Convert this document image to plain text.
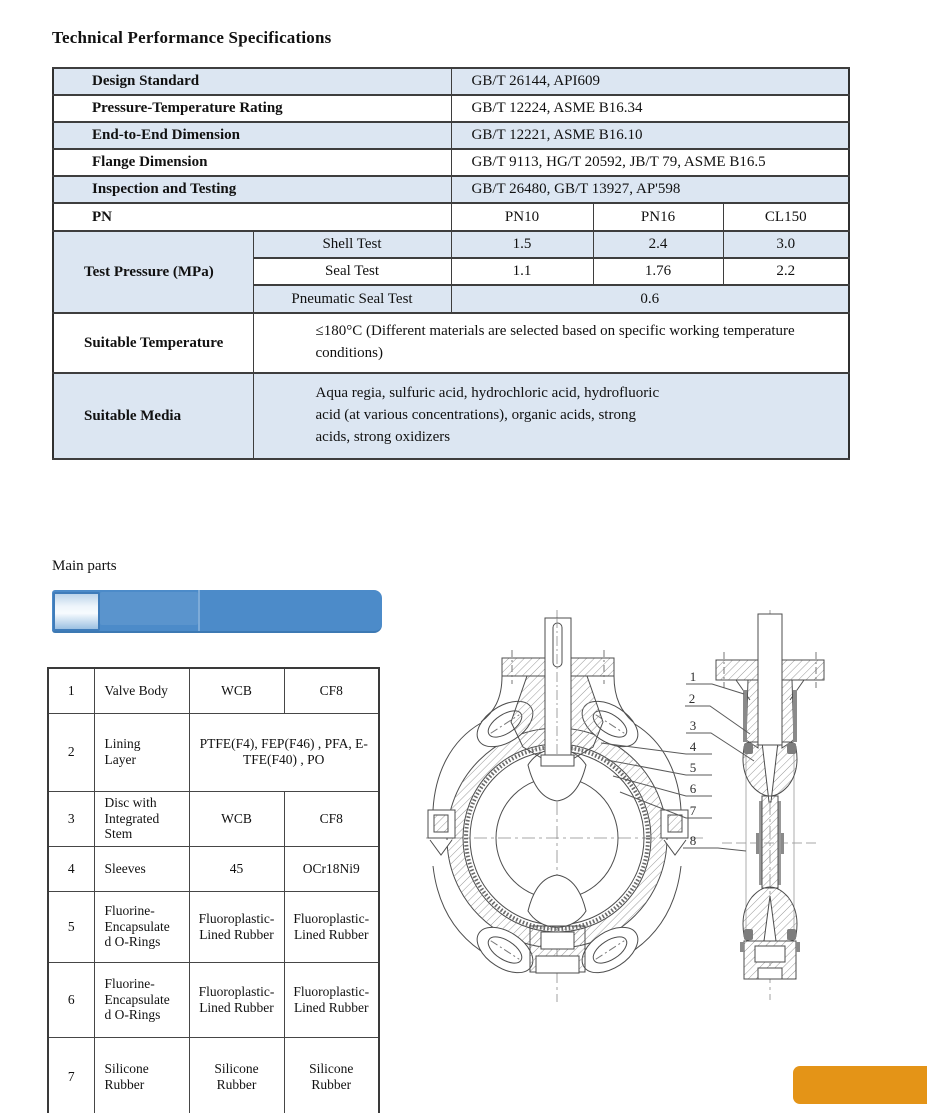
Technical Performance Specifications
Design Standard		GB/T 26144, API609		
Pressure-Temperature Rating		GB/T 12224, ASME B16.34		
End-to-End Dimension		GB/T 12221, ASME B16.10		
Flange Dimension		GB/T 9113, HG/T 20592, JB/T 79, ASME B16.5		
Inspection and Testing		GB/T 26480, GB/T 13927, AP'598		
PN		PN10	PN16	CL150
Test Pressure (MPa)	Shell Test	1.5	2.4	3.0
	Seal Test	1.1	1.76	2.2
	Pneumatic Seal Test	0.6		
Suitable Temperature	≤180°C (Different materials are selected based on specific working temperature conditions)			
Suitable Media	Aqua regia, sulfuric acid, hydrochloric acid, hydrofluoric acid (at various concentrations), organic acids, strong acids, strong oxidizers			
Main parts
1	Valve Body	WCB	CF8
2	Lining Layer	PTFE(F4), FEP(F46) , PFA, E-TFE(F40) , PO	
3	Disc with Integrated Stem	WCB	CF8
4	Sleeves	45	OCr18Ni9
5	Fluorine-Encapsulated O-Rings	Fluoroplastic-Lined Rubber	Fluoroplastic-Lined Rubber
6	Fluorine-Encapsulated O-Rings	Fluoroplastic-Lined Rubber	Fluoroplastic-Lined Rubber
7	Silicone Rubber	Silicone Rubber	Silicone Rubber
1
2
3
4
5
6
7
8
